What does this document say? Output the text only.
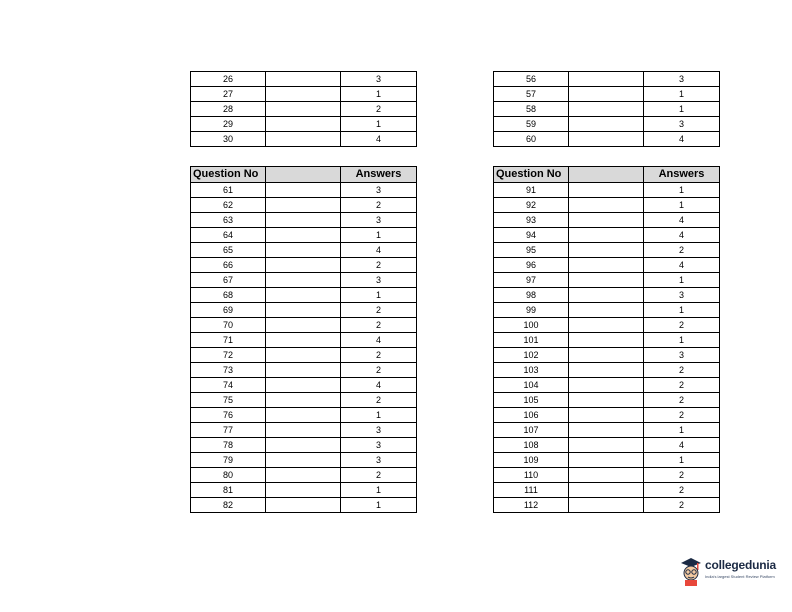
26		3
27		1
28		2
29		1
30		4
56		3
57		1
58		1
59		3
60		4
Question No		Answers
61		3
62		2
63		3
64		1
65		4
66		2
67		3
68		1
69		2
70		2
71		4
72		2
73		2
74		4
75		2
76		1
77		3
78		3
79		3
80		2
81		1
82		1
Question No		Answers
91		1
92		1
93		4
94		4
95		2
96		4
97		1
98		3
99		1
100		2
101		1
102		3
103		2
104		2
105		2
106		2
107		1
108		4
109		1
110		2
111		2
112		2
collegedunia
India's largest Student Review Platform
